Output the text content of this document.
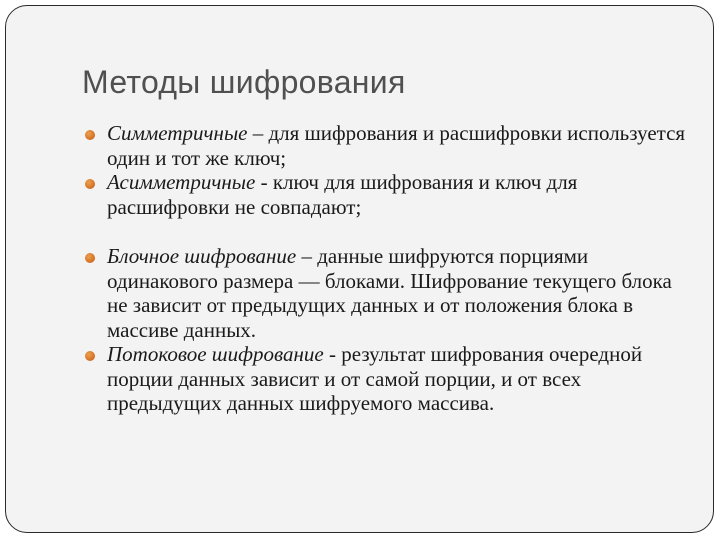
Методы шифрования
Симметричные – для шифрования и расшифровки используется один и тот же ключ;
Асимметричные - ключ для шифрования и ключ для расшифровки не совпадают;
Блочное шифрование – данные шифруются порциями одинакового размера — блоками. Шифрование текущего блока не зависит от предыдущих данных и от положения блока в массиве данных.
Потоковое шифрование - результат шифрования очередной порции данных зависит и от самой порции, и от всех предыдущих данных шифруемого массива.
